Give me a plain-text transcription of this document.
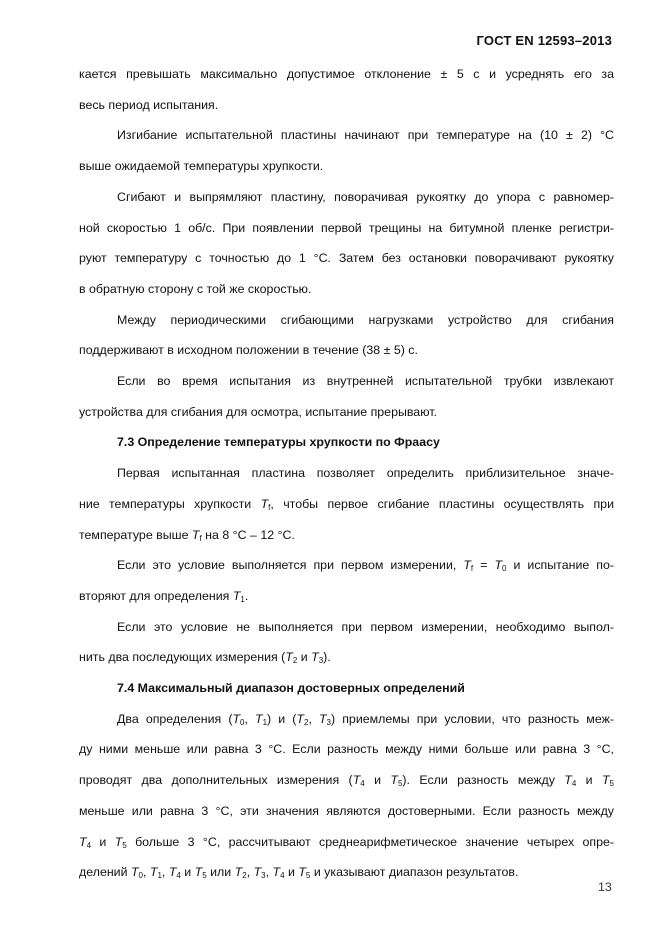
ГОСТ EN 12593–2013
кается превышать максимально допустимое отклонение ± 5 с и усреднять его за
весь период испытания.
Изгибание испытательной пластины начинают при температуре на (10 ± 2) °С
выше ожидаемой температуры хрупкости.
Сгибают и выпрямляют пластину, поворачивая рукоятку до упора с равномер-
ной скоростью 1 об/с. При появлении первой трещины на битумной пленке регистри-
руют температуру с точностью до 1 °С. Затем без остановки поворачивают рукоятку
в обратную сторону с той же скоростью.
Между периодическими сгибающими нагрузками устройство для сгибания
поддерживают в исходном положении в течение (38 ± 5) с.
Если во время испытания из внутренней испытательной трубки извлекают
устройства для сгибания для осмотра, испытание прерывают.
7.3 Определение температуры хрупкости по Фраасу
Первая испытанная пластина позволяет определить приблизительное значе-
ние температуры хрупкости $T_f$, чтобы первое сгибание пластины осуществлять при
температуре выше $T_f$ на 8 °С – 12 °С.
Если это условие выполняется при первом измерении, $T_f = T_0$ и испытание по-
вторяют для определения $T_1$.
Если это условие не выполняется при первом измерении, необходимо выпол-
нить два последующих измерения ($T_2$ и $T_3$).
7.4 Максимальный диапазон достоверных определений
Два определения ($T_0$, $T_1$) и ($T_2$, $T_3$) приемлемы при условии, что разность меж-
ду ними меньше или равна 3 °С. Если разность между ними больше или равна 3 °С,
проводят два дополнительных измерения ($T_4$ и $T_5$). Если разность между $T_4$ и $T_5$
меньше или равна 3 °С, эти значения являются достоверными. Если разность между
$T_4$ и $T_5$ больше 3 °С, рассчитывают среднеарифметическое значение четырех опре-
делений $T_0$, $T_1$, $T_4$ и $T_5$ или $T_2$, $T_3$, $T_4$ и $T_5$ и указывают диапазон результатов.
13
